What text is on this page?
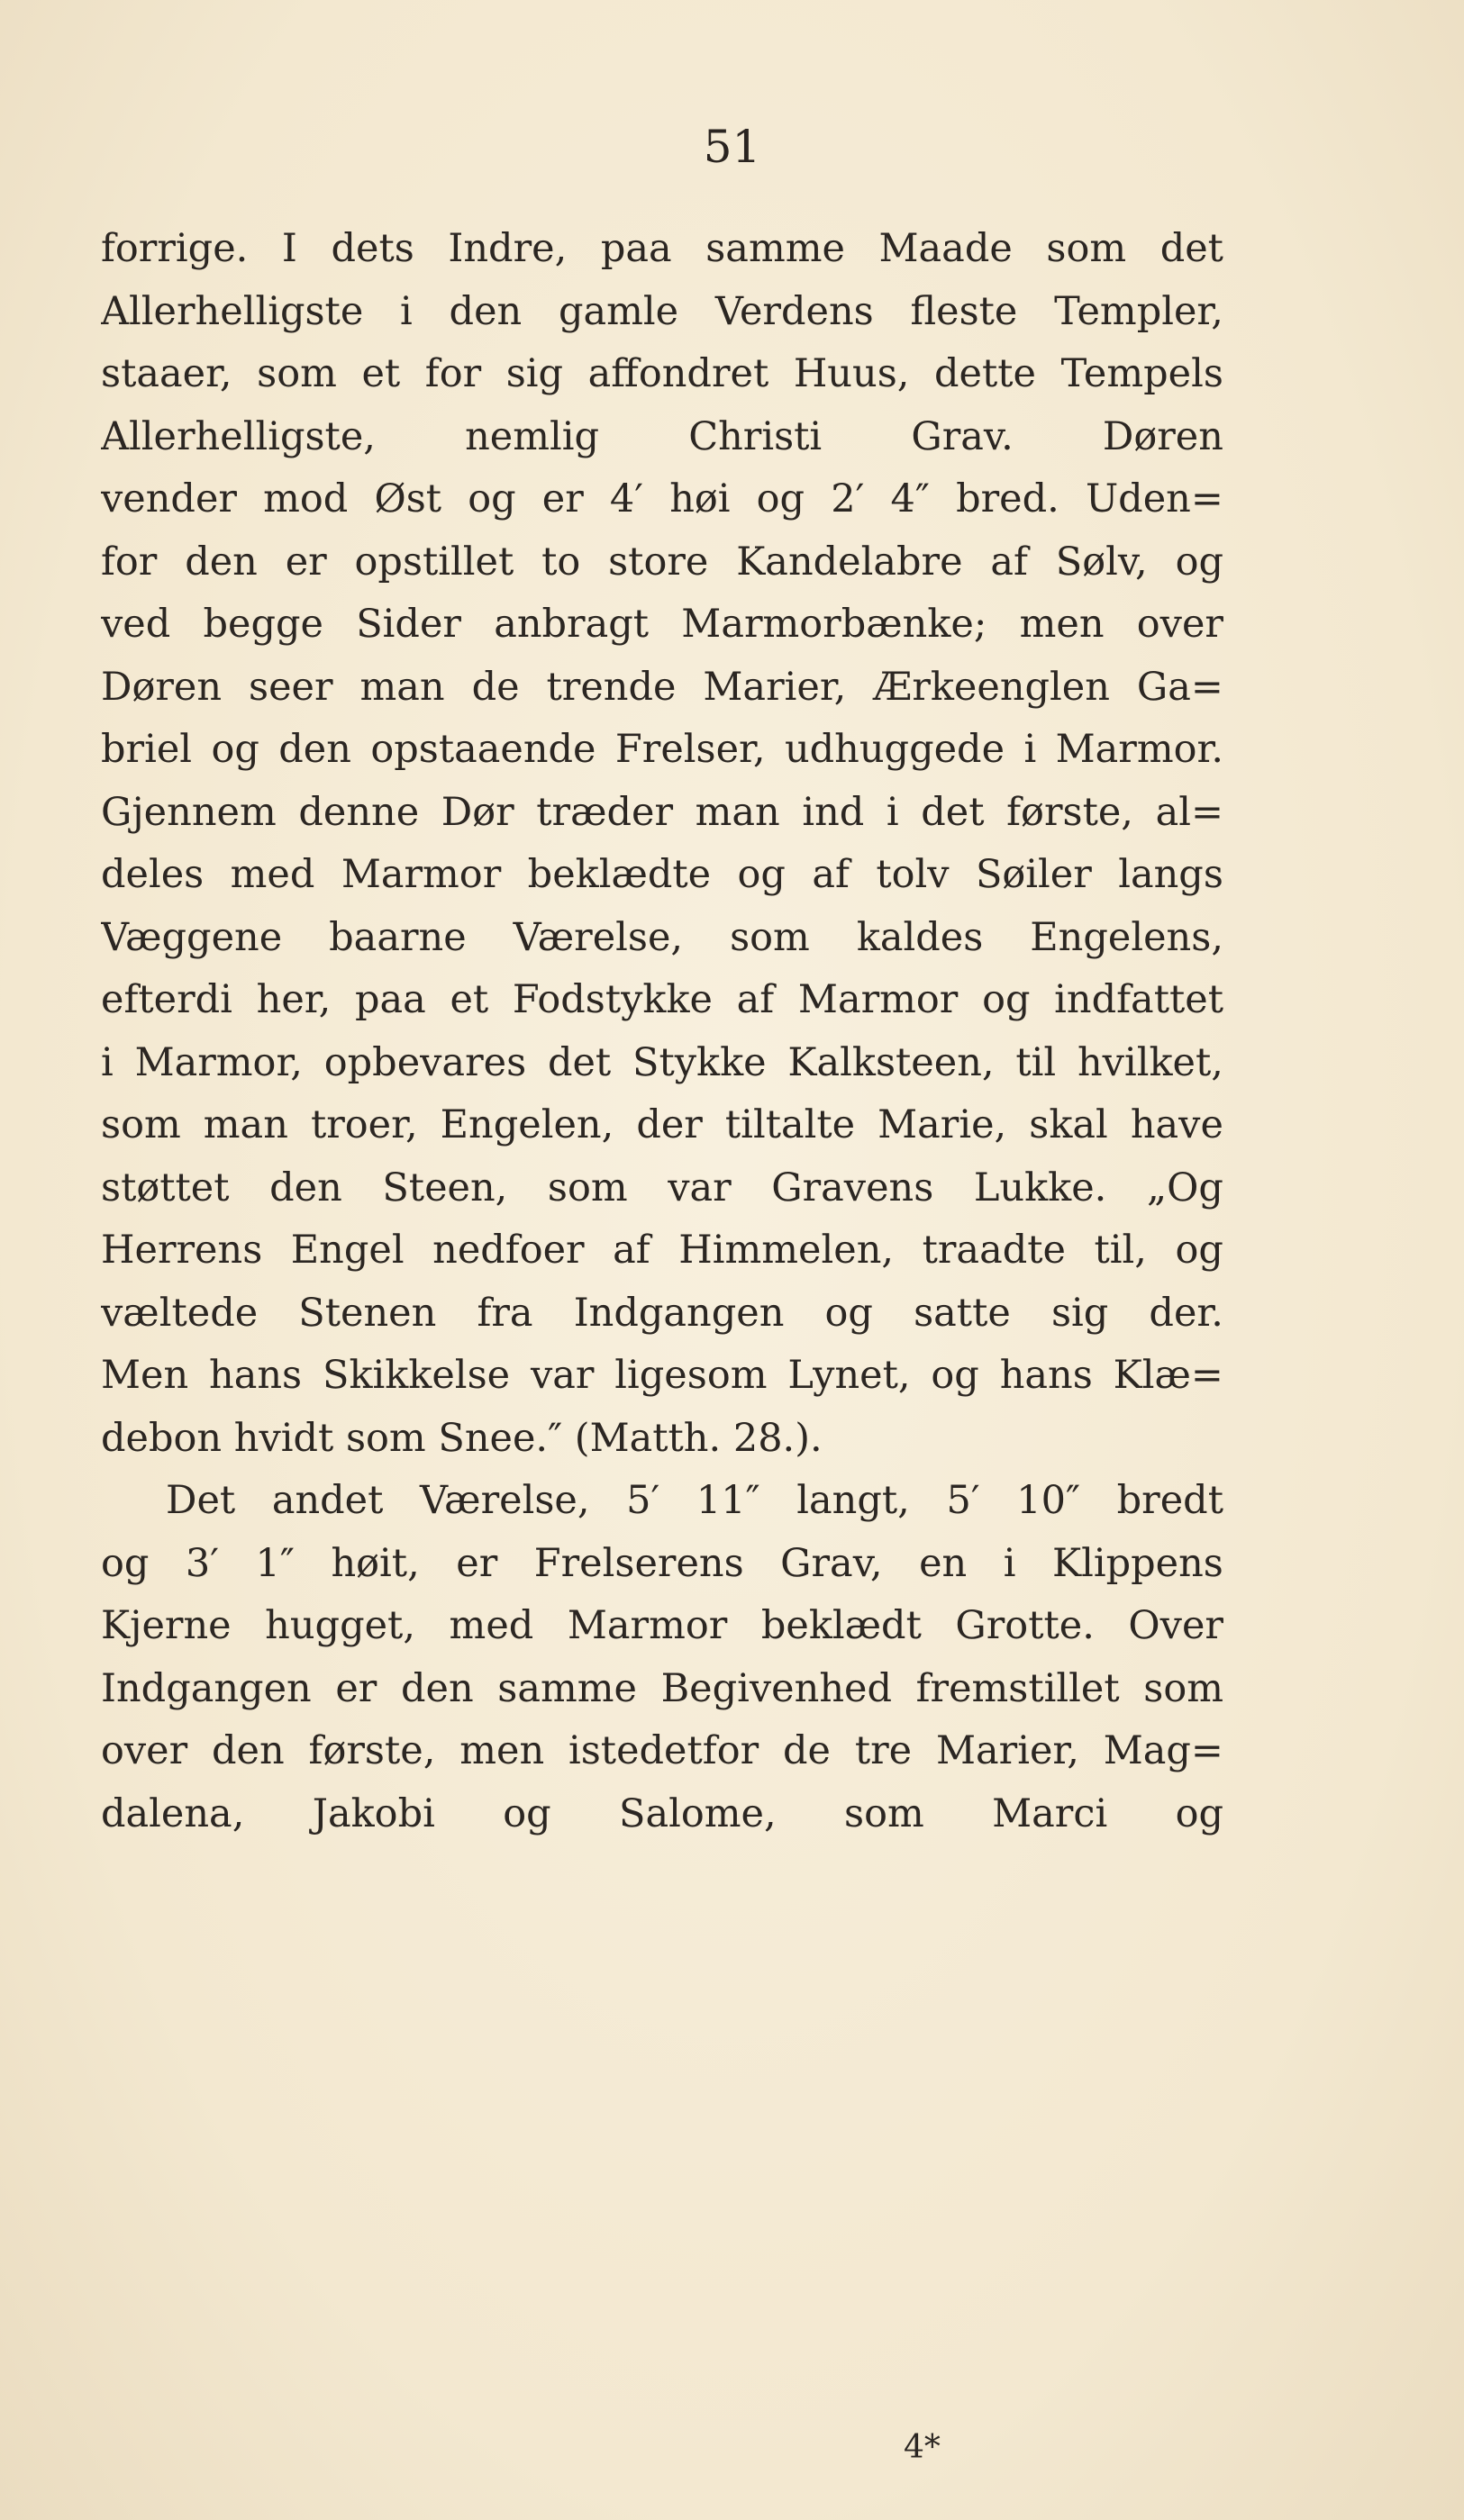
51
forrige. I dets Indre, paa samme Maade som det
Allerhelligste i den gamle Verdens fleste Templer,
staaer, som et for sig affondret Huus, dette Tempels
Allerhelligste, nemlig Christi Grav. Døren
vender mod Øst og er 4′ høi og 2′ 4″ bred. Uden=
for den er opstillet to store Kandelabre af Sølv, og
ved begge Sider anbragt Marmorbænke; men over
Døren seer man de trende Marier, Ærkeenglen Ga=
briel og den opstaaende Frelser, udhuggede i Marmor.
Gjennem denne Dør træder man ind i det første, al=
deles med Marmor beklædte og af tolv Søiler langs
Væggene baarne Værelse, som kaldes Engelens,
efterdi her, paa et Fodstykke af Marmor og indfattet
i Marmor, opbevares det Stykke Kalksteen, til hvilket,
som man troer, Engelen, der tiltalte Marie, skal have
støttet den Steen, som var Gravens Lukke. „Og
Herrens Engel nedfoer af Himmelen, traadte til, og
væltede Stenen fra Indgangen og satte sig der.
Men hans Skikkelse var ligesom Lynet, og hans Klæ=
debon hvidt som Snee.″ (Matth. 28.).
Det andet Værelse, 5′ 11″ langt, 5′ 10″ bredt
og 3′ 1″ høit, er Frelserens Grav, en i Klippens
Kjerne hugget, med Marmor beklædt Grotte. Over
Indgangen er den samme Begivenhed fremstillet som
over den første, men istedetfor de tre Marier, Mag=
dalena, Jakobi og Salome, som Marci og
4*
